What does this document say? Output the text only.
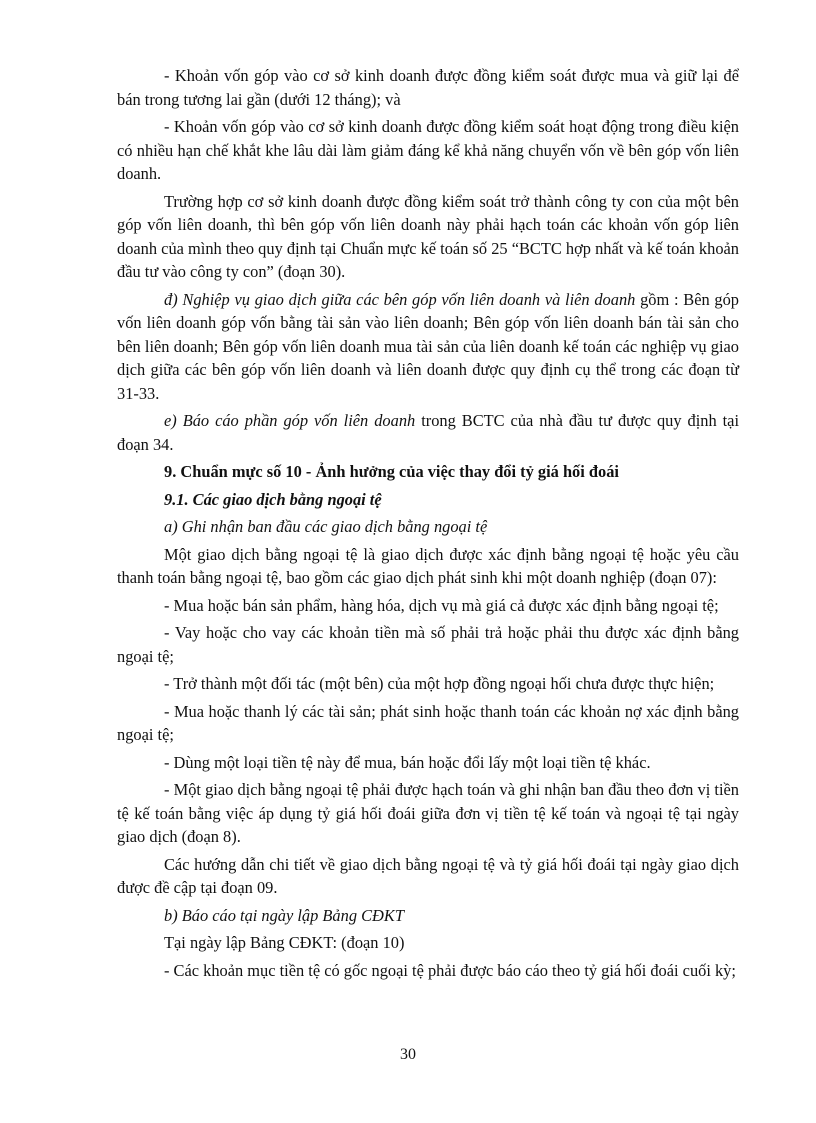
- Khoản vốn góp vào cơ sở kinh doanh được đồng kiểm soát được mua và giữ lại để bán trong tương lai gần (dưới 12 tháng); và

- Khoản vốn góp vào cơ sở kinh doanh được đồng kiểm soát hoạt động trong điều kiện có nhiều hạn chế khắt khe lâu dài làm giảm đáng kể khả năng chuyển vốn về bên góp vốn liên doanh.

Trường hợp cơ sở kinh doanh được đồng kiểm soát trở thành công ty con của một bên góp vốn liên doanh, thì bên góp vốn liên doanh này phải hạch toán các khoản vốn góp liên doanh của mình theo quy định tại Chuẩn mực kế toán số 25 “BCTC hợp nhất và kế toán khoản đầu tư vào công ty con” (đoạn 30).

đ) Nghiệp vụ giao dịch giữa các bên góp vốn liên doanh và liên doanh gồm : Bên góp vốn liên doanh góp vốn bằng tài sản vào liên doanh; Bên góp vốn liên doanh bán tài sản cho bên liên doanh; Bên góp vốn liên doanh mua tài sản của liên doanh kế toán các nghiệp vụ giao dịch giữa các bên góp vốn liên doanh và liên doanh được quy định cụ thể trong các đoạn từ 31-33.

e) Báo cáo phần góp vốn liên doanh trong BCTC của nhà đầu tư được quy định tại đoạn 34.

9. Chuẩn mực số 10 - Ảnh hưởng của việc thay đổi tỷ giá hối đoái

9.1. Các giao dịch bằng ngoại tệ

a) Ghi nhận ban đầu các giao dịch bằng ngoại tệ

Một giao dịch bằng ngoại tệ là giao dịch được xác định bằng ngoại tệ hoặc yêu cầu thanh toán bằng ngoại tệ, bao gồm các giao dịch phát sinh khi một doanh nghiệp (đoạn 07):

- Mua hoặc bán sản phẩm, hàng hóa, dịch vụ mà giá cả được xác định bằng ngoại tệ;

- Vay hoặc cho vay các khoản tiền mà số phải trả hoặc phải thu được xác định bằng ngoại tệ;

- Trở thành một đối tác (một bên) của một hợp đồng ngoại hối chưa được thực hiện;

- Mua hoặc thanh lý các tài sản; phát sinh hoặc thanh toán các khoản nợ xác định bằng ngoại tệ;

- Dùng một loại tiền tệ này để mua, bán hoặc đổi lấy một loại tiền tệ khác.

- Một giao dịch bằng ngoại tệ phải được hạch toán và ghi nhận ban đầu theo đơn vị tiền tệ kế toán bằng việc áp dụng tỷ giá hối đoái giữa đơn vị tiền tệ kế toán và ngoại tệ tại ngày giao dịch (đoạn 8).

Các hướng dẫn chi tiết về giao dịch bằng ngoại tệ và tỷ giá hối đoái tại ngày giao dịch được đề cập tại đoạn 09.

b) Báo cáo tại ngày lập Bảng CĐKT

Tại ngày lập Bảng CĐKT: (đoạn 10)

- Các khoản mục tiền tệ có gốc ngoại tệ phải được báo cáo theo tỷ giá hối đoái cuối kỳ;

30
